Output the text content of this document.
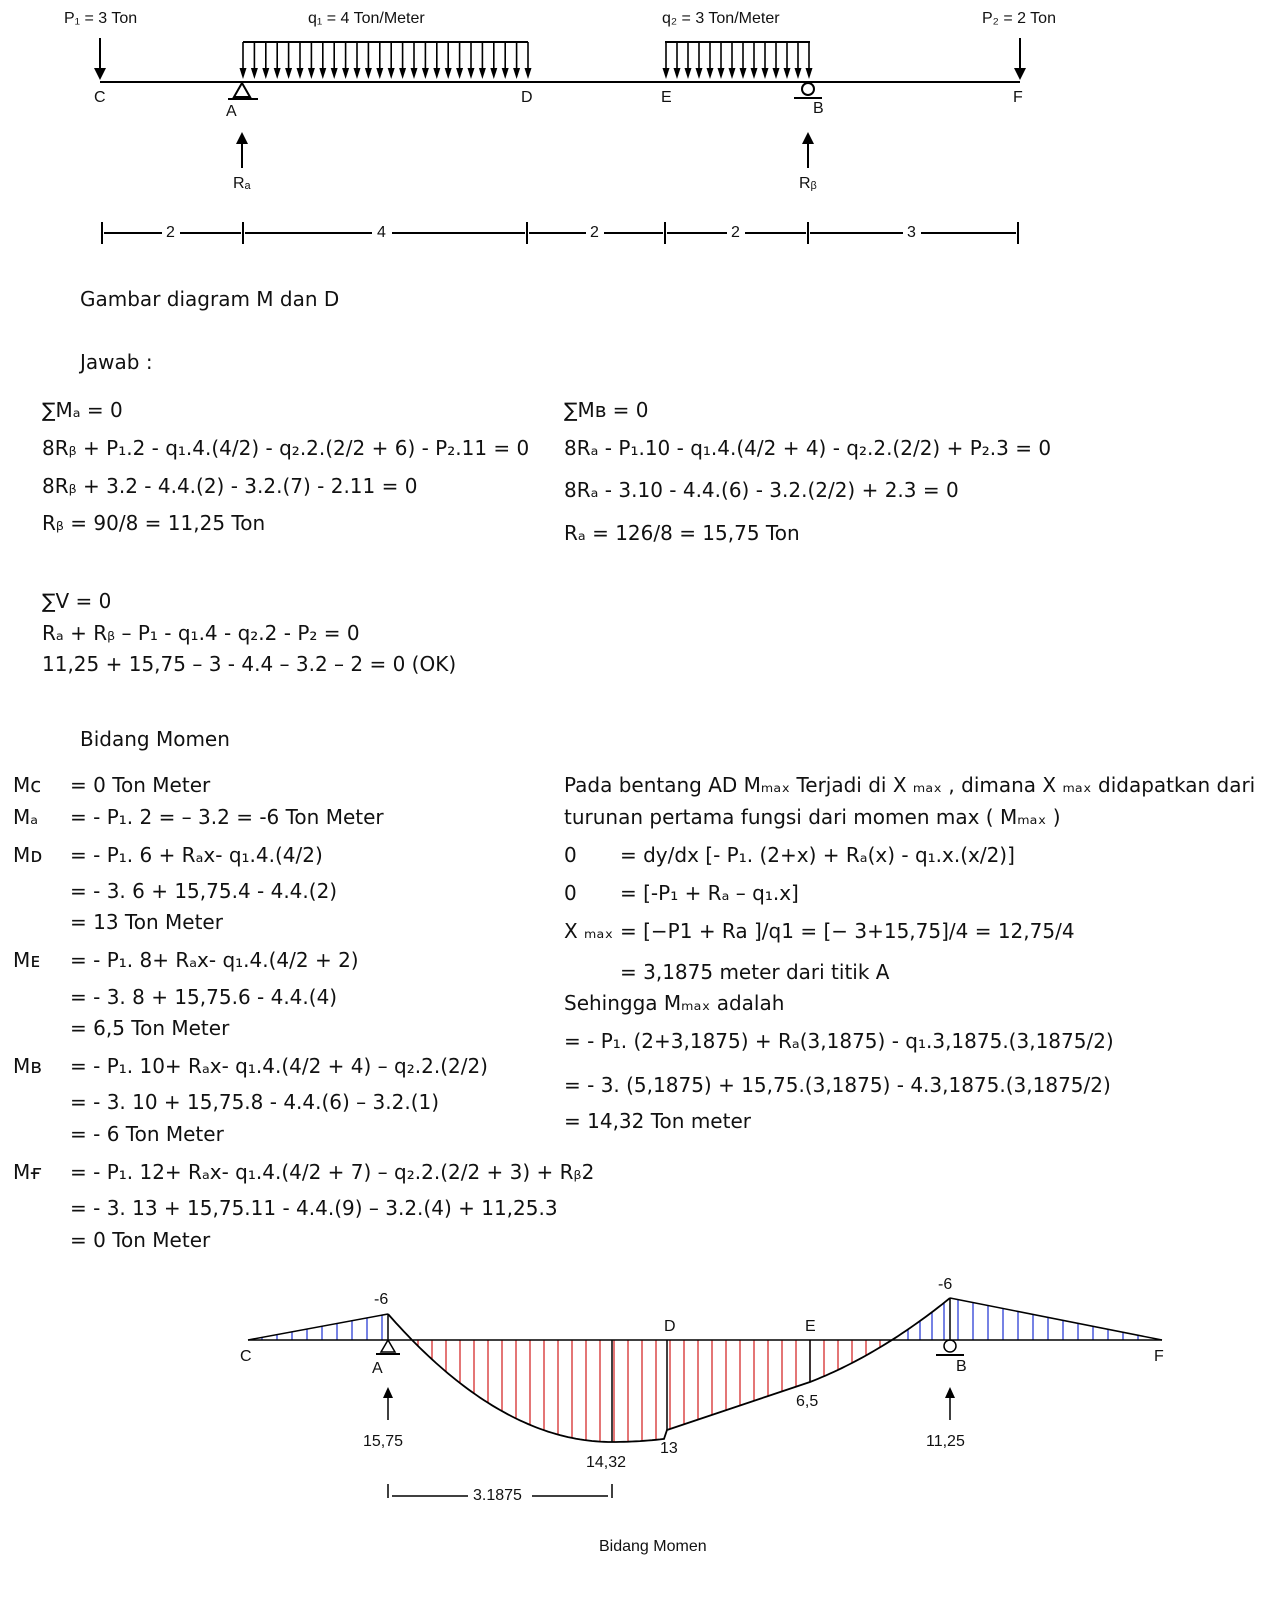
P₁ = 3 Ton	q₁ = 4 Ton/Meter	q₂ = 3 Ton/Meter	P₂ = 2 Ton
C
A
D	E
B
F
Rₐ	Rᵦ
2	4	2	2	3
Gambar diagram M dan D
Jawab :
∑Mₐ = 0
8Rᵦ + P₁.2 - q₁.4.(4/2) - q₂.2.(2/2 + 6) - P₂.11 = 0
8Rᵦ + 3.2 - 4.4.(2) - 3.2.(7) - 2.11 = 0
Rᵦ = 90/8 = 11,25 Ton
∑Mʙ = 0
8Rₐ - P₁.10 - q₁.4.(4/2 + 4) - q₂.2.(2/2) + P₂.3 = 0
8Rₐ - 3.10 - 4.4.(6) - 3.2.(2/2) + 2.3 = 0
Rₐ = 126/8 = 15,75 Ton
∑V = 0
Rₐ + Rᵦ – P₁ - q₁.4 - q₂.2 - P₂ = 0
11,25 + 15,75 – 3 - 4.4 – 3.2 – 2 = 0 (OK)
Bidang Momen
Mᴄ = 0 Ton Meter
Mₐ = - P₁. 2 = – 3.2 = -6 Ton Meter
Mᴅ = - P₁. 6 + Rₐx- q₁.4.(4/2)
= - 3. 6 + 15,75.4 - 4.4.(2)
= 13 Ton Meter
Mᴇ = - P₁. 8+ Rₐx- q₁.4.(4/2 + 2)
= - 3. 8 + 15,75.6 - 4.4.(4)
= 6,5 Ton Meter
Mʙ = - P₁. 10+ Rₐx- q₁.4.(4/2 + 4) – q₂.2.(2/2)
= - 3. 10 + 15,75.8 - 4.4.(6) – 3.2.(1)
= - 6 Ton Meter
Mғ = - P₁. 12+ Rₐx- q₁.4.(4/2 + 7) – q₂.2.(2/2 + 3) + Rᵦ2
= - 3. 13 + 15,75.11 - 4.4.(9) – 3.2.(4) + 11,25.3
= 0 Ton Meter
Pada bentang AD Mₘₐₓ Terjadi di X ₘₐₓ , dimana X ₘₐₓ didapatkan dari
turunan pertama fungsi dari momen max ( Mₘₐₓ )
0 = dy/dx [- P₁. (2+x) + Rₐ(x) - q₁.x.(x/2)]
0 = [-P₁ + Rₐ – q₁.x]
X ₘₐₓ = [−P1 + Ra ]/q1 = [− 3+15,75]/4 = 12,75/4
= 3,1875 meter dari titik A
Sehingga Mₘₐₓ adalah
= - P₁. (2+3,1875) + Rₐ(3,1875) - q₁.3,1875.(3,1875/2)
= - 3. (5,1875) + 15,75.(3,1875) - 4.3,1875.(3,1875/2)
= 14,32 Ton meter
C
A
D	E
B
F
-6
-6
6,5
13
14,32
15,75	11,25
3.1875
Bidang Momen
